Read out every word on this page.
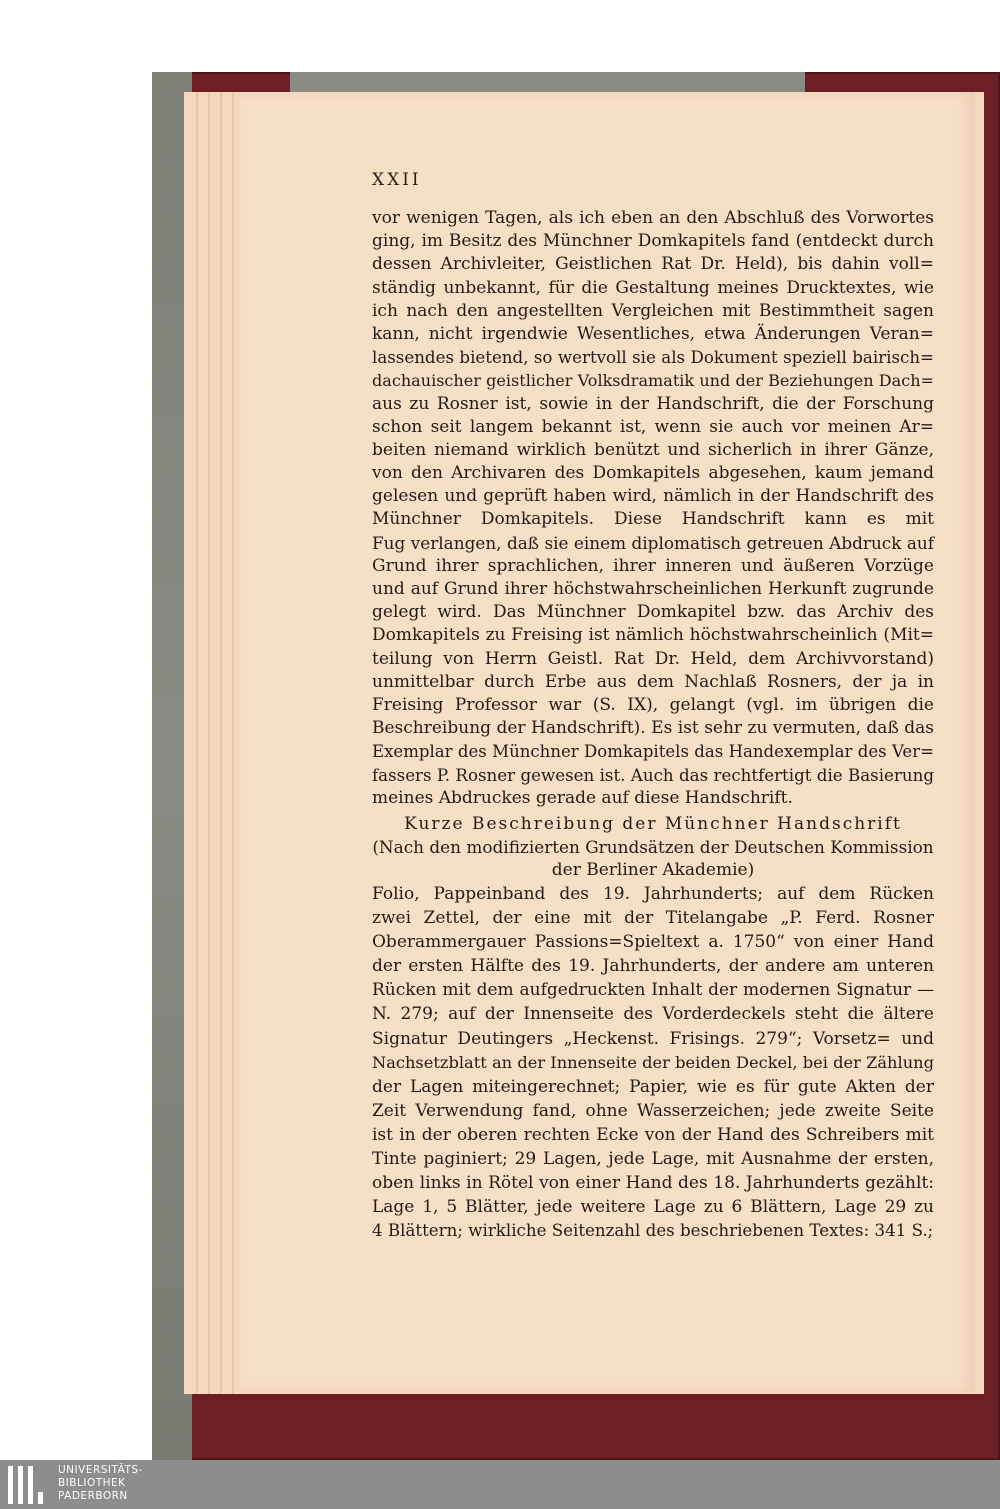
XXII
vor wenigen Tagen, als ich eben an den Abschluß des Vorwortes
ging, im Besitz des Münchner Domkapitels fand (entdeckt durch
dessen Archivleiter, Geistlichen Rat Dr. Held), bis dahin voll=
ständig unbekannt, für die Gestaltung meines Drucktextes, wie
ich nach den angestellten Vergleichen mit Bestimmtheit sagen
kann, nicht irgendwie Wesentliches, etwa Änderungen Veran=
lassendes bietend, so wertvoll sie als Dokument speziell bairisch=
dachauischer geistlicher Volksdramatik und der Beziehungen Dach=
aus zu Rosner ist, sowie in der Handschrift, die der Forschung
schon seit langem bekannt ist, wenn sie auch vor meinen Ar=
beiten niemand wirklich benützt und sicherlich in ihrer Gänze,
von den Archivaren des Domkapitels abgesehen, kaum jemand
gelesen und geprüft haben wird, nämlich in der Handschrift des
Münchner Domkapitels. Diese Handschrift kann es mit
Fug verlangen, daß sie einem diplomatisch getreuen Abdruck auf
Grund ihrer sprachlichen, ihrer inneren und äußeren Vorzüge
und auf Grund ihrer höchstwahrscheinlichen Herkunft zugrunde
gelegt wird. Das Münchner Domkapitel bzw. das Archiv des
Domkapitels zu Freising ist nämlich höchstwahrscheinlich (Mit=
teilung von Herrn Geistl. Rat Dr. Held, dem Archivvorstand)
unmittelbar durch Erbe aus dem Nachlaß Rosners, der ja in
Freising Professor war (S. IX), gelangt (vgl. im übrigen die
Beschreibung der Handschrift). Es ist sehr zu vermuten, daß das
Exemplar des Münchner Domkapitels das Handexemplar des Ver=
fassers P. Rosner gewesen ist. Auch das rechtfertigt die Basierung
meines Abdruckes gerade auf diese Handschrift.
Kurze Beschreibung der Münchner Handschrift
(Nach den modifizierten Grundsätzen der Deutschen Kommission
der Berliner Akademie)
Folio, Pappeinband des 19. Jahrhunderts; auf dem Rücken
zwei Zettel, der eine mit der Titelangabe „P. Ferd. Rosner
Oberammergauer Passions=Spieltext a. 1750“ von einer Hand
der ersten Hälfte des 19. Jahrhunderts, der andere am unteren
Rücken mit dem aufgedruckten Inhalt der modernen Signatur —
N. 279; auf der Innenseite des Vorderdeckels steht die ältere
Signatur Deutingers „Heckenst. Frisings. 279“; Vorsetz= und
Nachsetzblatt an der Innenseite der beiden Deckel, bei der Zählung
der Lagen miteingerechnet; Papier, wie es für gute Akten der
Zeit Verwendung fand, ohne Wasserzeichen; jede zweite Seite
ist in der oberen rechten Ecke von der Hand des Schreibers mit
Tinte paginiert; 29 Lagen, jede Lage, mit Ausnahme der ersten,
oben links in Rötel von einer Hand des 18. Jahrhunderts gezählt:
Lage 1, 5 Blätter, jede weitere Lage zu 6 Blättern, Lage 29 zu
4 Blättern; wirkliche Seitenzahl des beschriebenen Textes: 341 S.;
UNIVERSITÄTS-
BIBLIOTHEK
PADERBORN
